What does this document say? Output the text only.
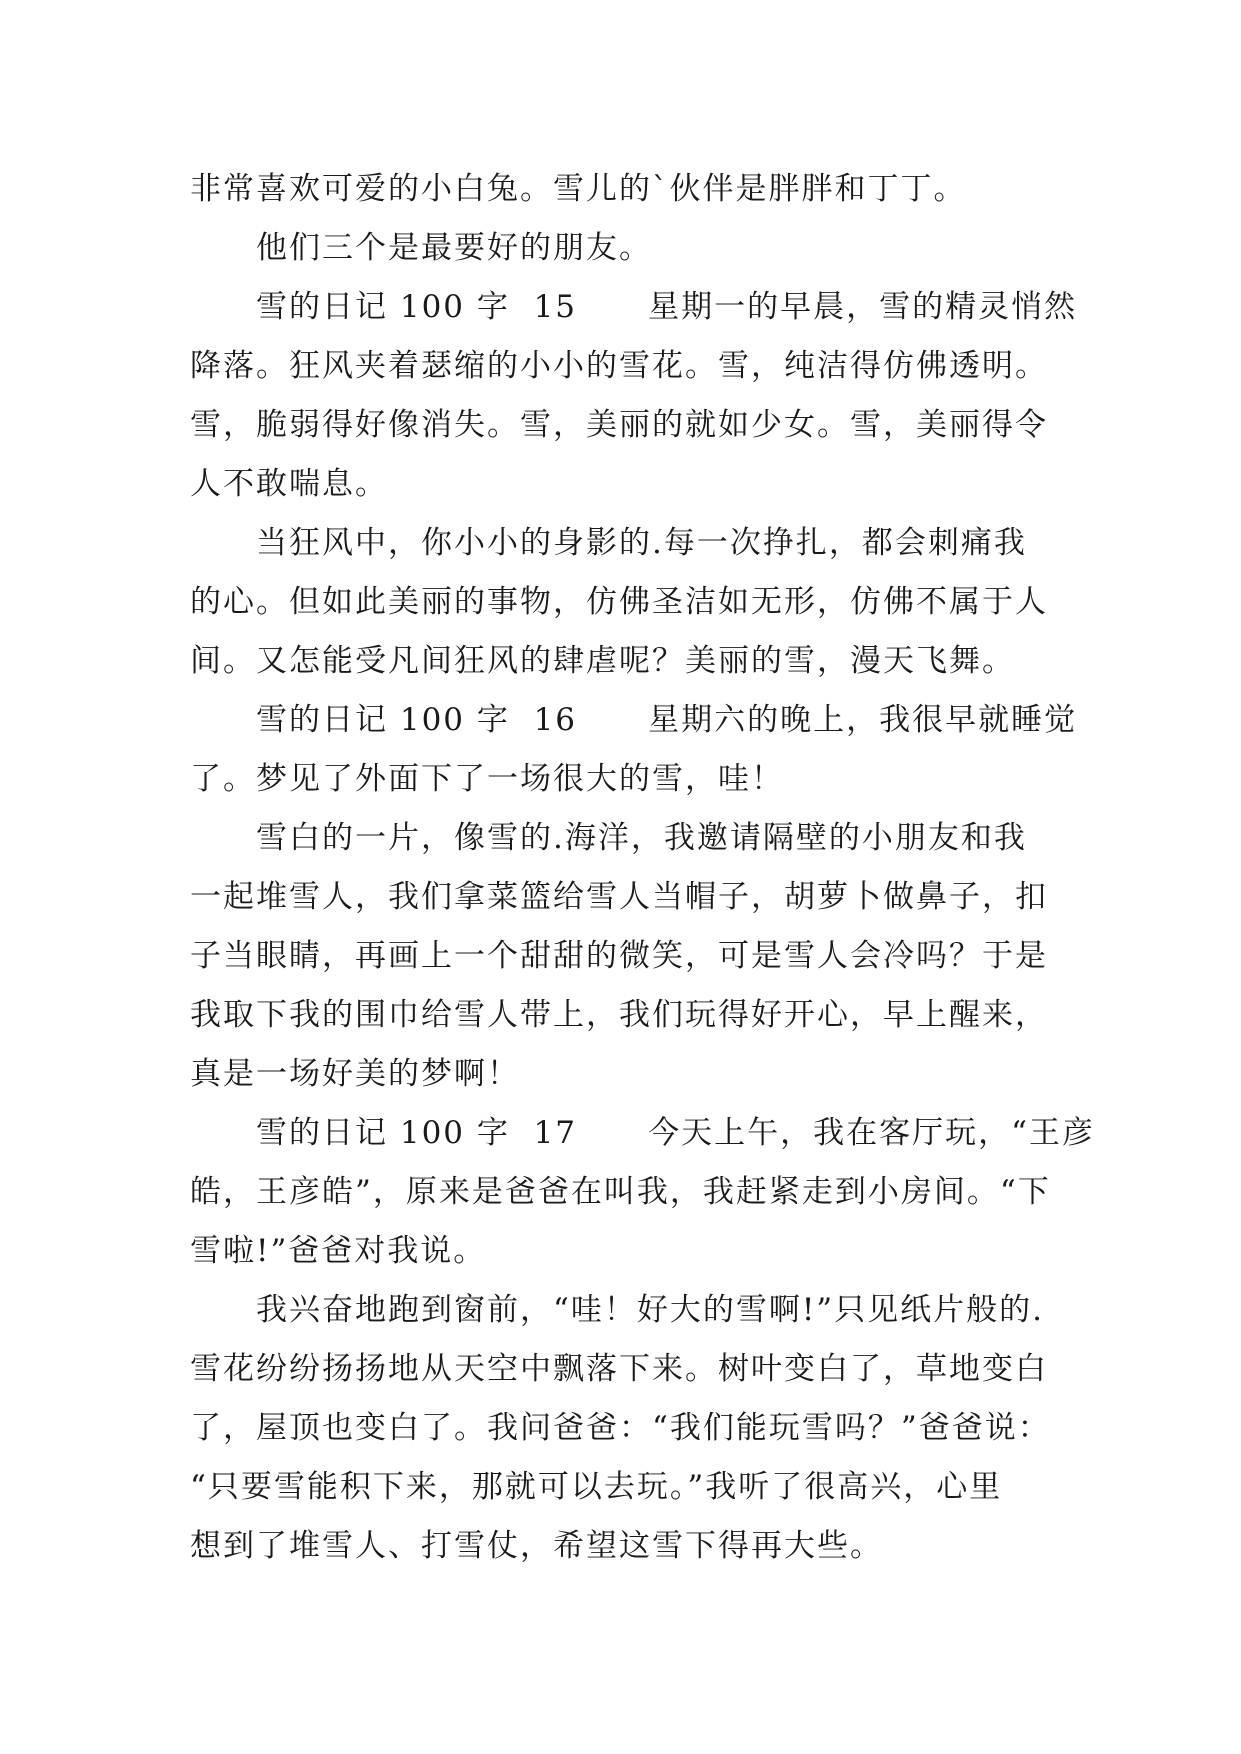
非常喜欢可爱的小白兔。雪儿的`伙伴是胖胖和丁丁。
他们三个是最要好的朋友。
雪的日记 100 字  15      星期一的早晨，雪的精灵悄然
降落。狂风夹着瑟缩的小小的雪花。雪，纯洁得仿佛透明。
雪，脆弱得好像消失。雪，美丽的就如少女。雪，美丽得令
人不敢喘息。
当狂风中，你小小的身影的.每一次挣扎，都会刺痛我
的心。但如此美丽的事物，仿佛圣洁如无形，仿佛不属于人
间。又怎能受凡间狂风的肆虐呢？美丽的雪，漫天飞舞。
雪的日记 100 字  16      星期六的晚上，我很早就睡觉
了。梦见了外面下了一场很大的雪，哇！
雪白的一片，像雪的.海洋，我邀请隔壁的小朋友和我
一起堆雪人，我们拿菜篮给雪人当帽子，胡萝卜做鼻子，扣
子当眼睛，再画上一个甜甜的微笑，可是雪人会冷吗？于是
我取下我的围巾给雪人带上，我们玩得好开心，早上醒来，
真是一场好美的梦啊！
雪的日记 100 字  17      今天上午，我在客厅玩，“王彦
皓，王彦皓”，原来是爸爸在叫我，我赶紧走到小房间。“下
雪啦!”爸爸对我说。
我兴奋地跑到窗前，“哇！好大的雪啊!”只见纸片般的.
雪花纷纷扬扬地从天空中飘落下来。树叶变白了，草地变白
了，屋顶也变白了。我问爸爸：“我们能玩雪吗？”爸爸说：
“只要雪能积下来，那就可以去玩。”我听了很高兴，心里
想到了堆雪人、打雪仗，希望这雪下得再大些。
